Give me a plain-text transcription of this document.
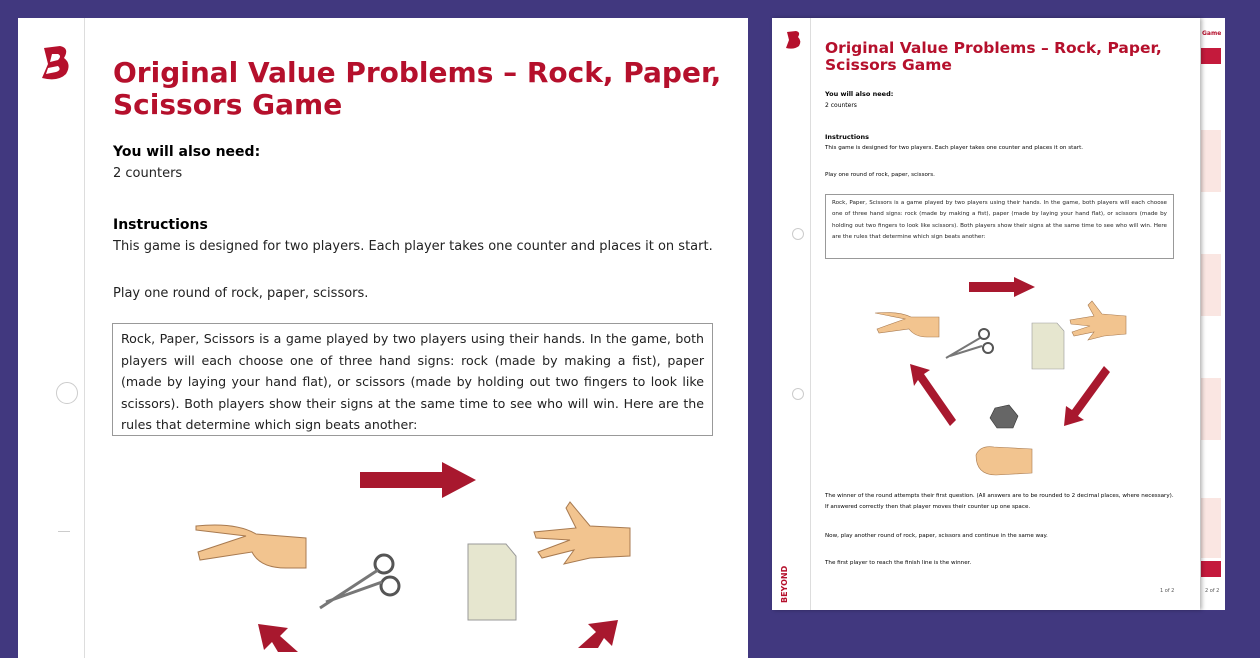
Original Value Problems – Rock, Paper,
Scissors Game
You will also need:
2 counters
Instructions
This game is designed for two players. Each player takes one counter and places it on start.
Play one round of rock, paper, scissors.
Rock, Paper, Scissors is a game played by two players using their hands. In the game, both players will each choose one of three hand signs: rock (made by making a fist), paper (made by laying your hand flat), or scissors (made by holding out two fingers to look like scissors). Both players show their signs at the same time to see who will win. Here are the rules that determine which sign beats another:
Game
2 of 2
BEYOND
Original Value Problems – Rock, Paper,
Scissors Game
You will also need:
2 counters
Instructions
This game is designed for two players. Each player takes one counter and places it on start.
Play one round of rock, paper, scissors.
Rock, Paper, Scissors is a game played by two players using their hands. In the game, both players will each choose one of three hand signs: rock (made by making a fist), paper (made by laying your hand flat), or scissors (made by holding out two fingers to look like scissors). Both players show their signs at the same time to see who will win. Here are the rules that determine which sign beats another:
The winner of the round attempts their first question. (All answers are to be rounded to 2 decimal places, where necessary). If answered correctly then that player moves their counter up one space.
Now, play another round of rock, paper, scissors and continue in the same way.
The first player to reach the finish line is the winner.
1 of 2
